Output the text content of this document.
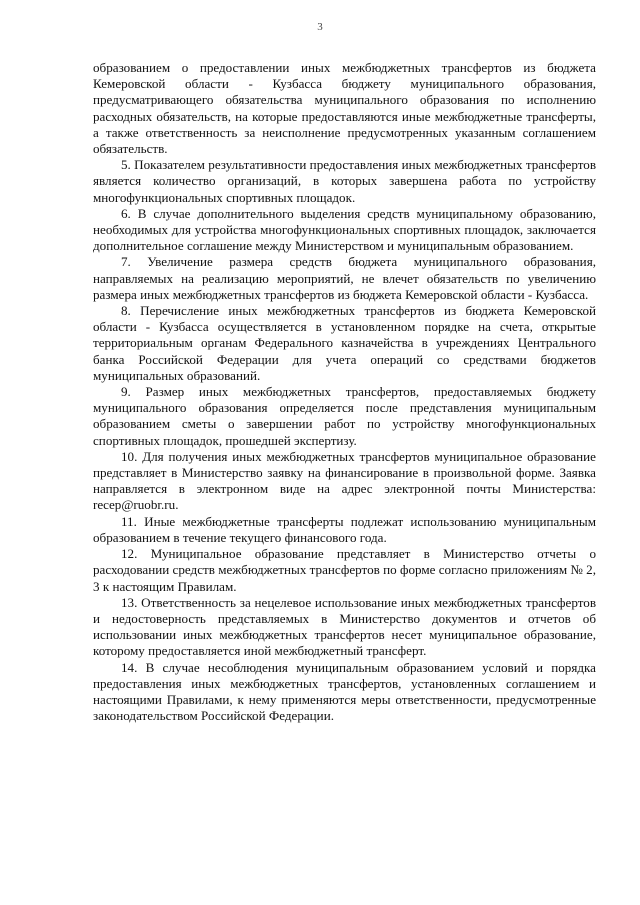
3

образованием о предоставлении иных межбюджетных трансфертов из бюджета Кемеровской области - Кузбасса бюджету муниципального образования, предусматривающего обязательства муниципального образования по исполнению расходных обязательств, на которые предоставляются иные межбюджетные трансферты, а также ответственность за неисполнение предусмотренных указанным соглашением обязательств.

5. Показателем результативности предоставления иных межбюджетных трансфертов является количество организаций, в которых завершена работа по устройству многофункциональных спортивных площадок.

6. В случае дополнительного выделения средств муниципальному образованию, необходимых для устройства многофункциональных спортивных площадок, заключается дополнительное соглашение между Министерством и муниципальным образованием.

7. Увеличение размера средств бюджета муниципального образования, направляемых на реализацию мероприятий, не влечет обязательств по увеличению размера иных межбюджетных трансфертов из бюджета Кемеровской области - Кузбасса.

8. Перечисление иных межбюджетных трансфертов из бюджета Кемеровской области - Кузбасса осуществляется в установленном порядке на счета, открытые территориальным органам Федерального казначейства в учреждениях Центрального банка Российской Федерации для учета операций со средствами бюджетов муниципальных образований.

9. Размер иных межбюджетных трансфертов, предоставляемых бюджету муниципального образования определяется после представления муниципальным образованием сметы о завершении работ по устройству многофункциональных спортивных площадок, прошедшей экспертизу.

10. Для получения иных межбюджетных трансфертов муниципальное образование представляет в Министерство заявку на финансирование в произвольной форме. Заявка направляется в электронном виде на адрес электронной почты Министерства: recep@ruobr.ru.

11. Иные межбюджетные трансферты подлежат использованию муниципальным образованием в течение текущего финансового года.

12. Муниципальное образование представляет в Министерство отчеты о расходовании средств межбюджетных трансфертов по форме согласно приложениям № 2, 3 к настоящим Правилам.

13. Ответственность за нецелевое использование иных межбюджетных трансфертов и недостоверность представляемых в Министерство документов и отчетов об использовании иных межбюджетных трансфертов несет муниципальное образование, которому предоставляется иной межбюджетный трансферт.

14. В случае несоблюдения муниципальным образованием условий и порядка предоставления иных межбюджетных трансфертов, установленных соглашением и настоящими Правилами, к нему применяются меры ответственности, предусмотренные законодательством Российской Федерации.
